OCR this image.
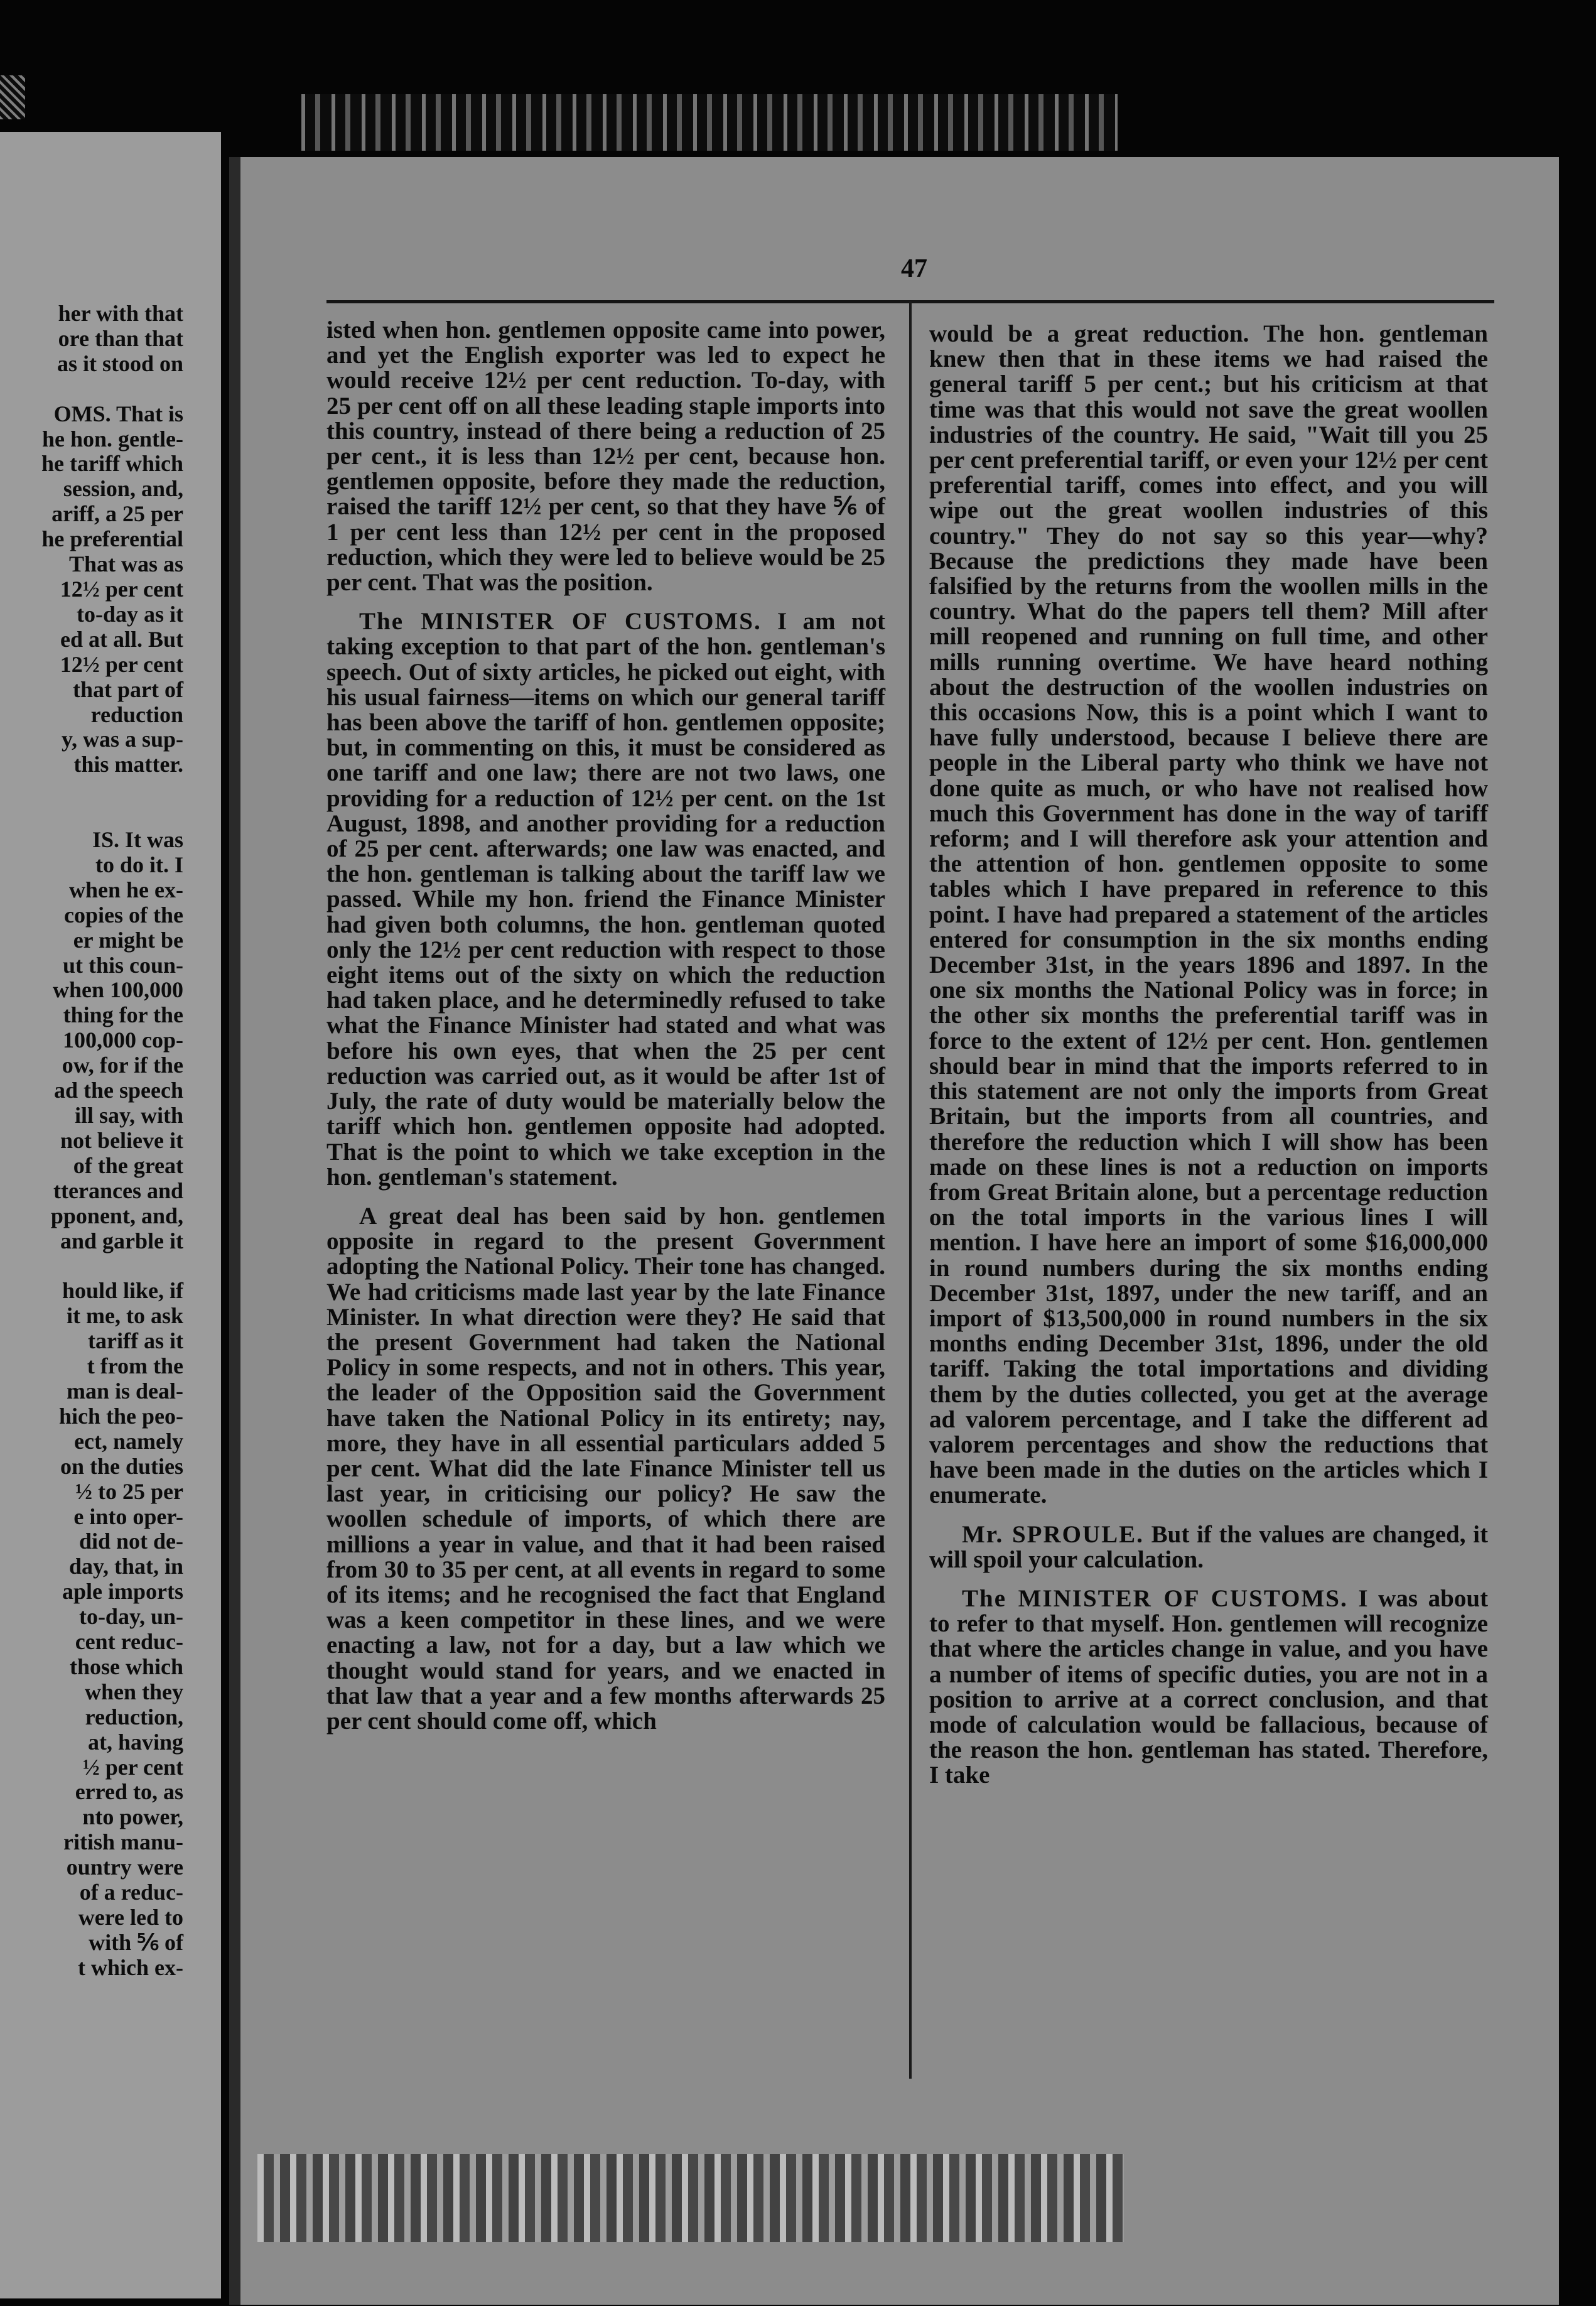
her with that
ore than that
as it stood on

OMS. That is
he hon. gentle-
he tariff which
session, and,
ariff, a 25 per
he preferential
That was as
12½ per cent
to-day as it
ed at all. But
12½ per cent
that part of
reduction
y, was a sup-
this matter.

IS. It was
to do it. I
when he ex-
copies of the
er might be
ut this coun-
when 100,000
thing for the
100,000 cop-
ow, for if the
ad the speech
ill say, with
not believe it
of the great
tterances and
pponent, and,
and garble it

hould like, if
it me, to ask
tariff as it
t from the
man is deal-
hich the peo-
ect, namely
on the duties
½ to 25 per
e into oper-
did not de-
day, that, in
aple imports
to-day, un-
cent reduc-
those which
when they
reduction,
at, having
½ per cent
erred to, as
nto power,
ritish manu-
ountry were
of a reduc-
were led to
with ⅚ of
t which ex-
47

isted when hon. gentlemen opposite came into power, and yet the English exporter was led to expect he would receive 12½ per cent reduction. To-day, with 25 per cent off on all these leading staple imports into this country, instead of there being a reduction of 25 per cent., it is less than 12½ per cent, because hon. gentlemen opposite, before they made the reduction, raised the tariff 12½ per cent, so that they have ⅚ of 1 per cent less than 12½ per cent in the proposed reduction, which they were led to believe would be 25 per cent. That was the position.

The MINISTER OF CUSTOMS. I am not taking exception to that part of the hon. gentleman's speech. Out of sixty articles, he picked out eight, with his usual fairness—items on which our general tariff has been above the tariff of hon. gentlemen opposite; but, in commenting on this, it must be considered as one tariff and one law; there are not two laws, one providing for a reduction of 12½ per cent. on the 1st August, 1898, and another providing for a reduction of 25 per cent. afterwards; one law was enacted, and the hon. gentleman is talking about the tariff law we passed. While my hon. friend the Finance Minister had given both columns, the hon. gentleman quoted only the 12½ per cent reduction with respect to those eight items out of the sixty on which the reduction had taken place, and he determinedly refused to take what the Finance Minister had stated and what was before his own eyes, that when the 25 per cent reduction was carried out, as it would be after 1st of July, the rate of duty would be materially below the tariff which hon. gentlemen opposite had adopted. That is the point to which we take exception in the hon. gentleman's statement.

A great deal has been said by hon. gentlemen opposite in regard to the present Government adopting the National Policy. Their tone has changed. We had criticisms made last year by the late Finance Minister. In what direction were they? He said that the present Government had taken the National Policy in some respects, and not in others. This year, the leader of the Opposition said the Government have taken the National Policy in its entirety; nay, more, they have in all essential particulars added 5 per cent. What did the late Finance Minister tell us last year, in criticising our policy? He saw the woollen schedule of imports, of which there are millions a year in value, and that it had been raised from 30 to 35 per cent, at all events in regard to some of its items; and he recognised the fact that England was a keen competitor in these lines, and we were enacting a law, not for a day, but a law which we thought would stand for years, and we enacted in that law that a year and a few months afterwards 25 per cent should come off, which

would be a great reduction. The hon. gentleman knew then that in these items we had raised the general tariff 5 per cent.; but his criticism at that time was that this would not save the great woollen industries of the country. He said, "Wait till you 25 per cent preferential tariff, or even your 12½ per cent preferential tariff, comes into effect, and you will wipe out the great woollen industries of this country." They do not say so this year—why? Because the predictions they made have been falsified by the returns from the woollen mills in the country. What do the papers tell them? Mill after mill reopened and running on full time, and other mills running overtime. We have heard nothing about the destruction of the woollen industries on this occasions Now, this is a point which I want to have fully understood, because I believe there are people in the Liberal party who think we have not done quite as much, or who have not realised how much this Government has done in the way of tariff reform; and I will therefore ask your attention and the attention of hon. gentlemen opposite to some tables which I have prepared in reference to this point. I have had prepared a statement of the articles entered for consumption in the six months ending December 31st, in the years 1896 and 1897. In the one six months the National Policy was in force; in the other six months the preferential tariff was in force to the extent of 12½ per cent. Hon. gentlemen should bear in mind that the imports referred to in this statement are not only the imports from Great Britain, but the imports from all countries, and therefore the reduction which I will show has been made on these lines is not a reduction on imports from Great Britain alone, but a percentage reduction on the total imports in the various lines I will mention. I have here an import of some $16,000,000 in round numbers during the six months ending December 31st, 1897, under the new tariff, and an import of $13,500,000 in round numbers in the six months ending December 31st, 1896, under the old tariff. Taking the total importations and dividing them by the duties collected, you get at the average ad valorem percentage, and I take the different ad valorem percentages and show the reductions that have been made in the duties on the articles which I enumerate.

Mr. SPROULE. But if the values are changed, it will spoil your calculation.

The MINISTER OF CUSTOMS. I was about to refer to that myself. Hon. gentlemen will recognize that where the articles change in value, and you have a number of items of specific duties, you are not in a position to arrive at a correct conclusion, and that mode of calculation would be fallacious, because of the reason the hon. gentleman has stated. Therefore, I take
